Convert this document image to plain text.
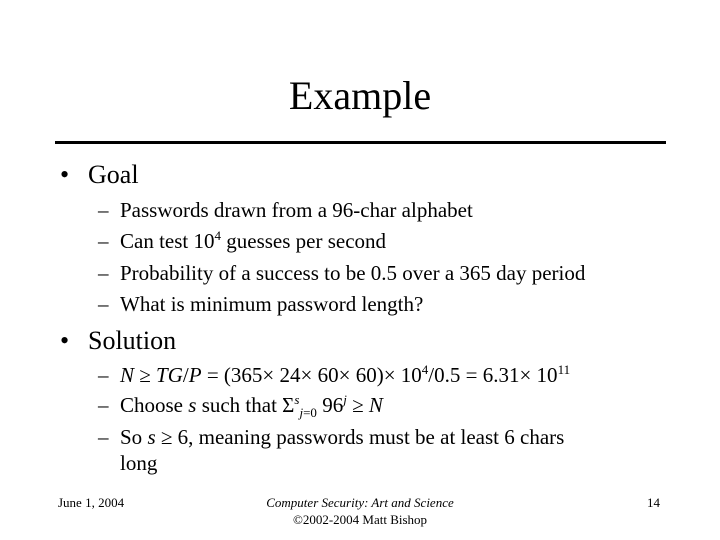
Example
• Goal
– Passwords drawn from a 96-char alphabet
– Can test $10^4$ guesses per second
– Probability of a success to be 0.5 over a 365 day period
– What is minimum password length?
• Solution
– $N \ge TG/P = (365\times 24\times 60\times 60)\times 10^4/0.5 = 6.31\times 10^{11}$
– Choose s such that $\Sigma^s_{j=0}$ $96^j \ge N$
– So s ≥ 6, meaning passwords must be at least 6 chars
long
June 1, 2004	Computer Security: Art and Science
©2002-2004 Matt Bishop
14
